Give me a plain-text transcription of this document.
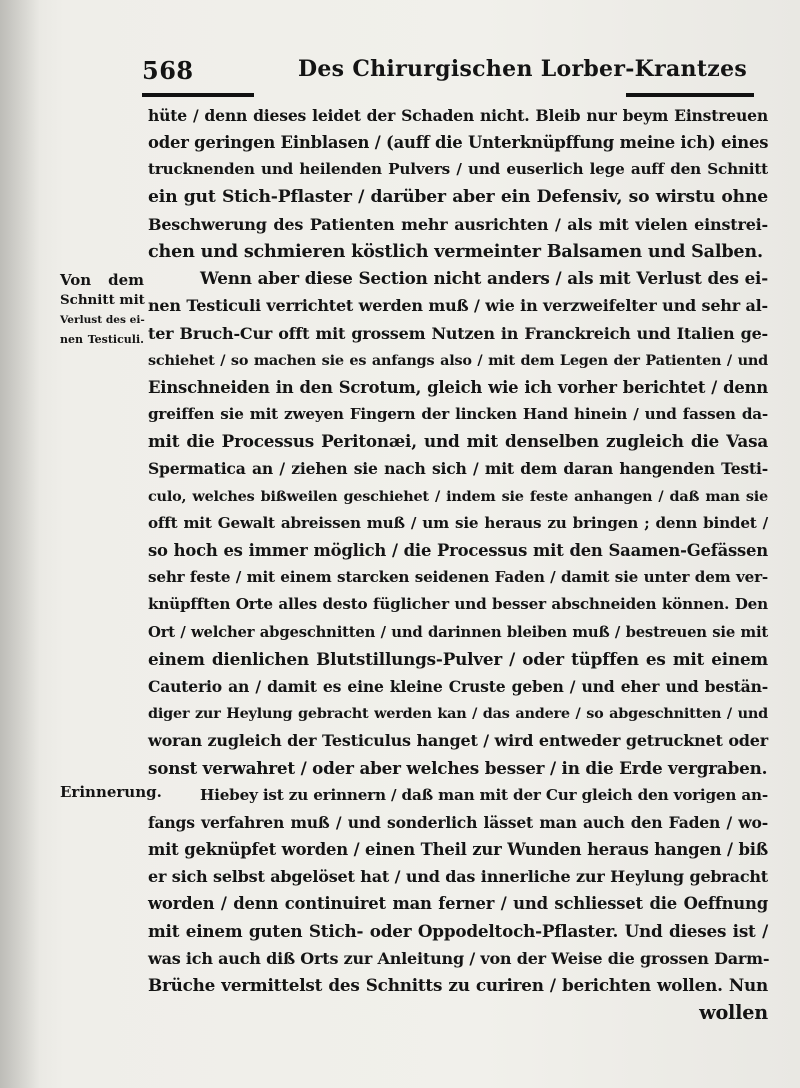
568	Des Chirurgischen Lorber-Krantzes
Von dem
Schnitt mit
Verlust des ei-
nen Testiculi.
Erinnerung.
hüte / denn dieses leidet der Schaden nicht. Bleib nur beym Einstreuen
oder geringen Einblasen / (auff die Unterknüpffung meine ich) eines
trucknenden und heilenden Pulvers / und euserlich lege auff den Schnitt
ein gut Stich-Pflaster / darüber aber ein Defensiv, so wirstu ohne
Beschwerung des Patienten mehr ausrichten / als mit vielen einstrei-
chen und schmieren köstlich vermeinter Balsamen und Salben.
Wenn aber diese Section nicht anders / als mit Verlust des ei-
nen Testiculi verrichtet werden muß / wie in verzweifelter und sehr al-
ter Bruch-Cur offt mit grossem Nutzen in Franckreich und Italien ge-
schiehet / so machen sie es anfangs also / mit dem Legen der Patienten / und
Einschneiden in den Scrotum, gleich wie ich vorher berichtet / denn
greiffen sie mit zweyen Fingern der lincken Hand hinein / und fassen da-
mit die Processus Peritonæi, und mit denselben zugleich die Vasa
Spermatica an / ziehen sie nach sich / mit dem daran hangenden Testi-
culo, welches bißweilen geschiehet / indem sie feste anhangen / daß man sie
offt mit Gewalt abreissen muß / um sie heraus zu bringen ; denn bindet /
so hoch es immer möglich / die Processus mit den Saamen-Gefässen
sehr feste / mit einem starcken seidenen Faden / damit sie unter dem ver-
knüpfften Orte alles desto füglicher und besser abschneiden können. Den
Ort / welcher abgeschnitten / und darinnen bleiben muß / bestreuen sie mit
einem dienlichen Blutstillungs-Pulver / oder tüpffen es mit einem
Cauterio an / damit es eine kleine Cruste geben / und eher und bestän-
diger zur Heylung gebracht werden kan / das andere / so abgeschnitten / und
woran zugleich der Testiculus hanget / wird entweder getrucknet oder
sonst verwahret / oder aber welches besser / in die Erde vergraben.
Hiebey ist zu erinnern / daß man mit der Cur gleich den vorigen an-
fangs verfahren muß / und sonderlich lässet man auch den Faden / wo-
mit geknüpfet worden / einen Theil zur Wunden heraus hangen / biß
er sich selbst abgelöset hat / und das innerliche zur Heylung gebracht
worden / denn continuiret man ferner / und schliesset die Oeffnung
mit einem guten Stich- oder Oppodeltoch-Pflaster. Und dieses ist /
was ich auch diß Orts zur Anleitung / von der Weise die grossen Darm-
Brüche vermittelst des Schnitts zu curiren / berichten wollen. Nun
wollen
